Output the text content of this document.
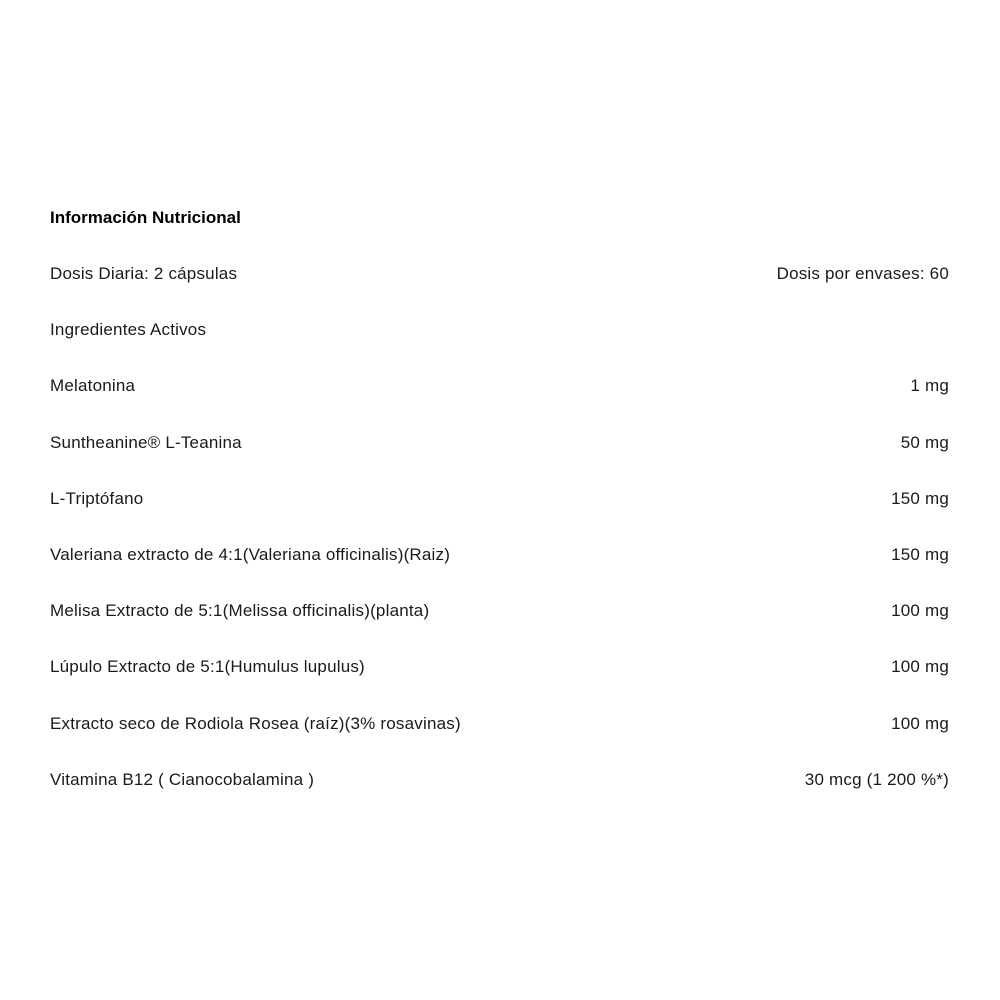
Información Nutricional
Dosis Diaria: 2 cápsulas	Dosis por envases: 60
Ingredientes Activos
Melatonina	1 mg
Suntheanine® L-Teanina	50 mg
L-Triptófano	150 mg
Valeriana extracto de 4:1(Valeriana officinalis)(Raiz)	150 mg
Melisa Extracto de 5:1(Melissa officinalis)(planta)	100 mg
Lúpulo Extracto de 5:1(Humulus lupulus)	100 mg
Extracto seco de Rodiola Rosea (raíz)(3% rosavinas)	100 mg
Vitamina B12 ( Cianocobalamina )	30 mcg (1 200 %*)
